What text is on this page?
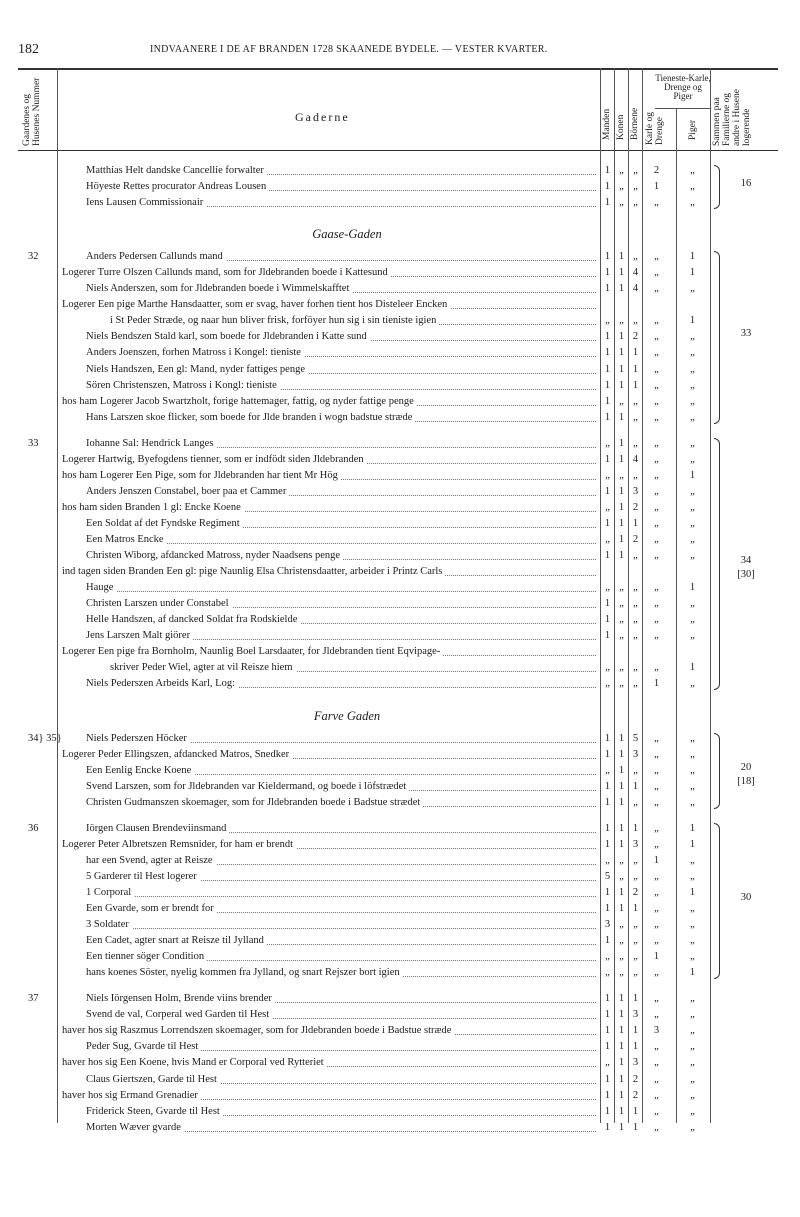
182	INDVAANERE I DE AF BRANDEN 1728 SKAANEDE BYDELE. — VESTER KVARTER.
Gaardenes og Husenes Nummer	Gaderne	Manden Konen Börnene
Tieneste-Karle, Drenge og Piger
Karle og Drenge Piger Sammen paa Familierne og andre i Husene logerende
Matthias Helt dandske Cancellie forwalter	1 „ „	2	„
Höyeste Rettes procurator Andreas Lousen	1 „ „	1	„
Iens Lausen Commissionair	1 „ „	„	„
16
Gaase-Gaden
32	Anders Pedersen Callunds mand	1 1 „	„	1
Logerer Turre Olszen Callunds mand, som for Jldebranden boede i Kattesund	1 1 4	„	1
Niels Anderszen, som for Jldebranden boede i Wimmelskafftet	1 1 4	„	„
Logerer Een pige Marthe Hansdaatter, som er svag, haver forhen tient hos Disteleer Encken
i St Peder Stræde, og naar hun bliver frisk, forföyer hun sig i sin tieniste igien	„ „ „	„	1
Niels Bendszen Stald karl, som boede for Jldebranden i Katte sund	1 1 2	„	„
Anders Joenszen, forhen Matross i Kongel: tieniste	1 1 1	„	„
Niels Handszen, Een gl: Mand, nyder fattiges penge	1 1 1	„	„
Sören Christenszen, Matross i Kongl: tieniste	1 1 1	„	„
hos ham Logerer Jacob Swartzholt, forige hattemager, fattig, og nyder fattige penge	1 „ „	„	„
Hans Larszen skoe flicker, som boede for Jlde branden i wogn badstue stræde	1 1 „	„	„
33
33	Iohanne Sal: Hendrick Langes	„ 1 „	„	„
Logerer Hartwig, Byefogdens tienner, som er indfödt siden Jldebranden	1 1 4	„	„
hos ham Logerer Een Pige, som for Jldebranden har tient Mr Hög	„ „ „	„	1
Anders Jenszen Constabel, boer paa et Cammer	1 1 3	„	„
hos ham siden Branden 1 gl: Encke Koene	„ 1 2	„	„
Een Soldat af det Fyndske Regiment	1 1 1	„	„
Een Matros Encke	„ 1 2	„	„
Christen Wiborg, afdancked Matross, nyder Naadsens penge	1 1 „	„	„
ind tagen siden Branden Een gl: pige Naunlig Elsa Christensdaatter, arbeider i Printz Carls
Hauge	„ „ „	„	1
Christen Larszen under Constabel	1 „ „	„	„
Helle Handszen, af dancked Soldat fra Rodskielde	1 „ „	„	„
Jens Larszen Malt giörer	1 „ „	„	„
Logerer Een pige fra Bornholm, Naunlig Boel Larsdaater, for Jldebranden tient Eqvipage-
skriver Peder Wiel, agter at vil Reisze hiem	„ „ „	„	1
Niels Pederszen Arbeids Karl, Log:	„ „ „	1	„
34
[30]
Farve Gaden
34} 35} Niels Pederszen Höcker	1 1 5	„	„
Logerer Peder Ellingszen, afdancked Matros, Snedker	1 1 3	„	„
Een Eenlig Encke Koene	„ 1 „	„	„
Svend Larszen, som for Jldebranden var Kieldermand, og boede i löfstrædet	1 1 1	„	„
Christen Gudmanszen skoemager, som for Jldebranden boede i Badstue strædet	1 1 „	„	„
20
[18]
36	Iörgen Clausen Brendeviinsmand	1 1 1	„	1
Logerer Peter Albretszen Remsnider, for ham er brendt	1 1 3	„	1
har een Svend, agter at Reisze	„ „ „	1	„
5 Garderer til Hest logerer	5 „ „	„	„
1 Corporal	1 1 2	„	1
Een Gvarde, som er brendt for	1 1 1	„	„
3 Soldater	3 „ „	„	„
Een Cadet, agter snart at Reisze til Jylland	1 „ „	„	„
Een tienner söger Condition	„ „ „	1	„
hans koenes Söster, nyelig kommen fra Jylland, og snart Rejszer bort igien	„ „ „	„	1
30
37	Niels Iörgensen Holm, Brende viins brender	1 1 1	„	„
Svend de val, Corperal wed Garden til Hest	1 1 3	„	„
haver hos sig Raszmus Lorrendszen skoemager, som for Jldebranden boede i Badstue stræde	1 1 1	3	„
Peder Sug, Gvarde til Hest	1 1 1	„	„
haver hos sig Een Koene, hvis Mand er Corporal ved Rytteriet	„ 1 3	„	„
Claus Giertszen, Garde til Hest	1 1 2	„	„
haver hos sig Ermand Grenadier	1 1 2	„	„
Friderick Steen, Gvarde til Hest	1 1 1	„	„
Morten Wæver gvarde	1 1 1	„	„
